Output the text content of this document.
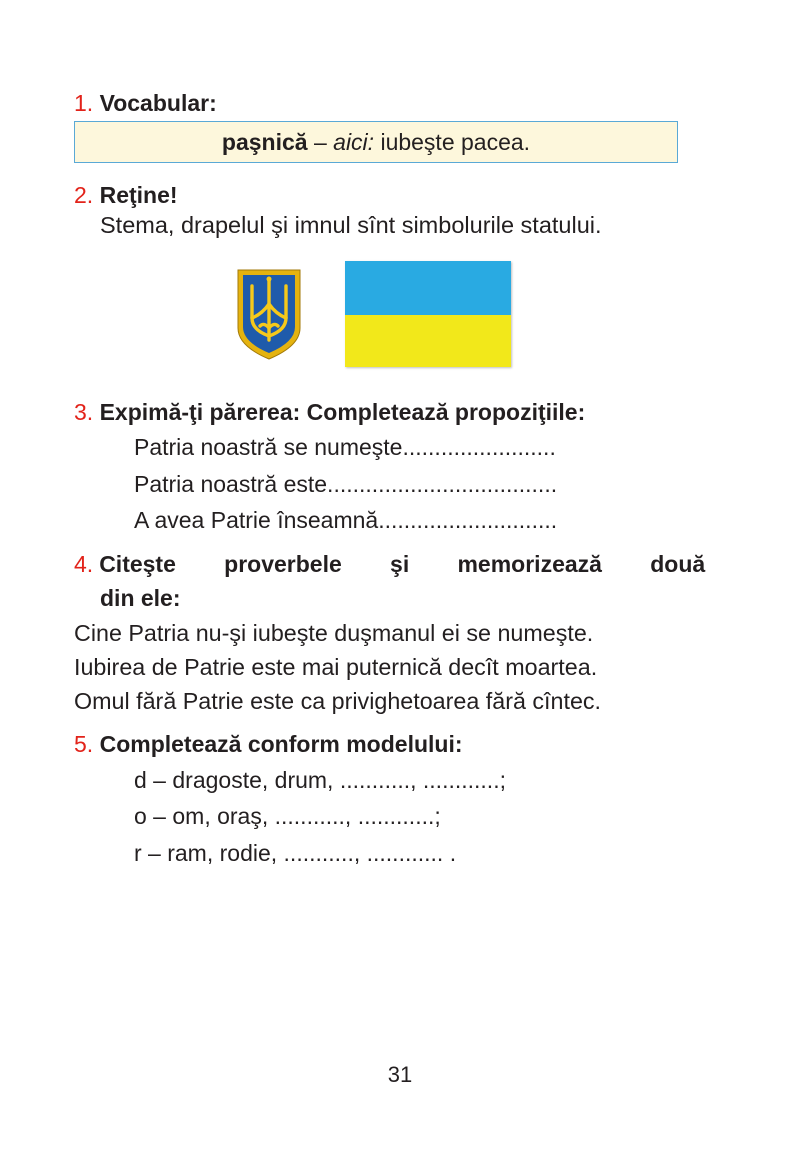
1. Vocabular:
paşnică – aici: iubeşte pacea.
2. Reţine!
Stema, drapelul şi imnul sînt simbolurile statului.
3. Expimă-ţi părerea: Completează propoziţiile:
Patria noastră se numeşte........................
Patria noastră este....................................
A avea Patrie înseamnă............................
4. Citeşte proverbele şi memorizează două
din ele:
Cine Patria nu-şi iubeşte duşmanul ei se numeşte.
Iubirea de Patrie este mai puternică decît moartea.
Omul fără Patrie este ca privighetoarea fără cîntec.
5. Completează conform modelului:
d – dragoste, drum, ..........., ............;
o – om, oraş, ..........., ............;
r – ram, rodie, ..........., ............ .
31
